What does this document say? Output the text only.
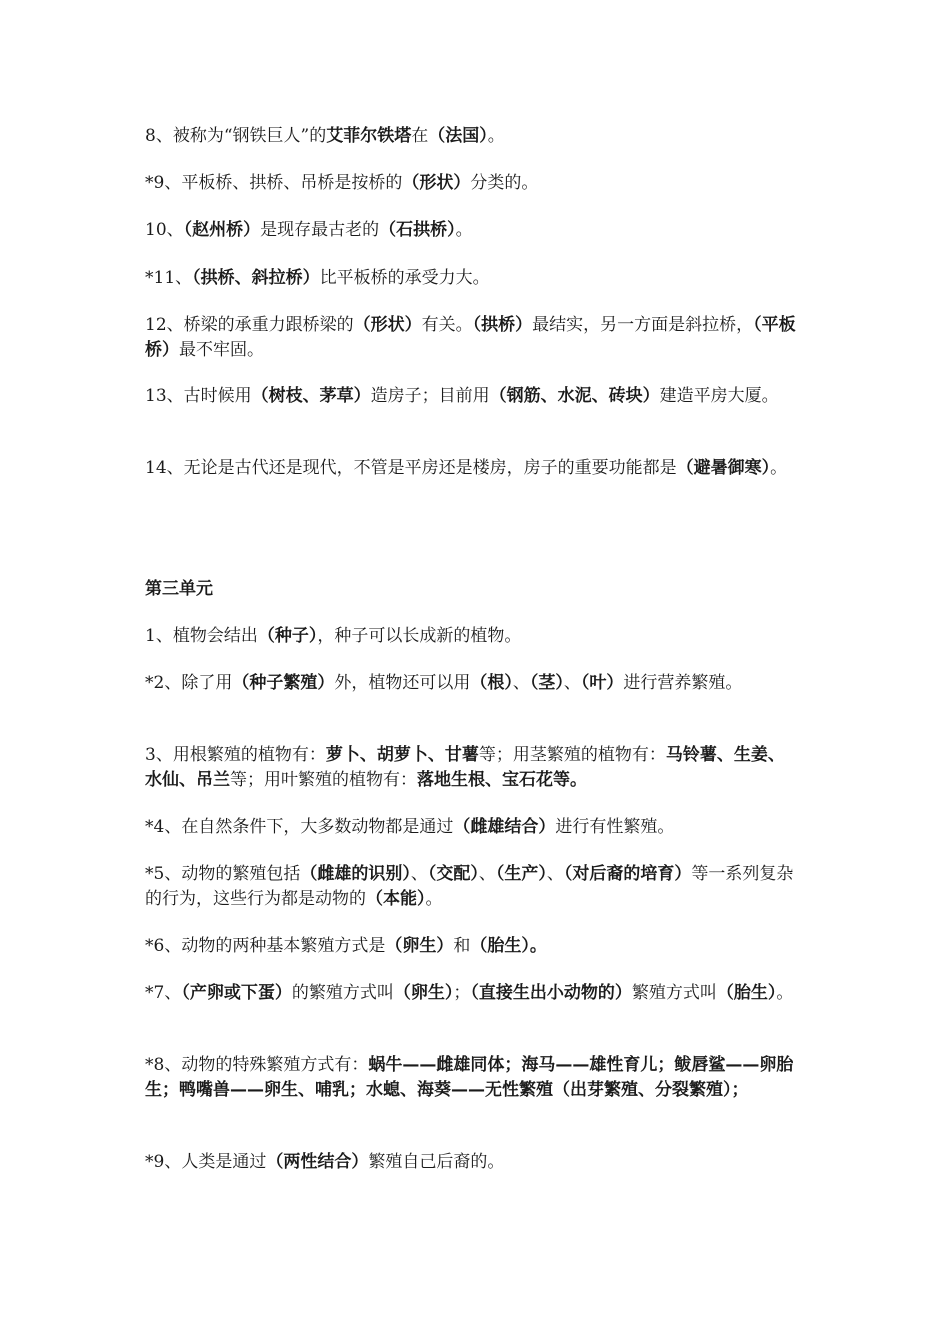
8、被称为“钢铁巨人”的艾菲尔铁塔在（法国）。

*9、平板桥、拱桥、吊桥是按桥的（形状）分类的。

10、（赵州桥）是现存最古老的（石拱桥）。

*11、（拱桥、斜拉桥）比平板桥的承受力大。

12、桥梁的承重力跟桥梁的（形状）有关。（拱桥）最结实，另一方面是斜拉桥，（平板桥）最不牢固。

13、古时候用（树枝、茅草）造房子；目前用（钢筋、水泥、砖块）建造平房大厦。

14、无论是古代还是现代，不管是平房还是楼房，房子的重要功能都是（避暑御寒）。

第三单元

1、植物会结出（种子），种子可以长成新的植物。

*2、除了用（种子繁殖）外，植物还可以用（根）、（茎）、（叶）进行营养繁殖。

3、用根繁殖的植物有：萝卜、胡萝卜、甘薯等；用茎繁殖的植物有：马铃薯、生姜、水仙、吊兰等；用叶繁殖的植物有：落地生根、宝石花等。

*4、在自然条件下，大多数动物都是通过（雌雄结合）进行有性繁殖。

*5、动物的繁殖包括（雌雄的识别）、（交配）、（生产）、（对后裔的培育）等一系列复杂的行为，这些行为都是动物的（本能）。

*6、动物的两种基本繁殖方式是（卵生）和（胎生）。

*7、（产卵或下蛋）的繁殖方式叫（卵生）；（直接生出小动物的）繁殖方式叫（胎生）。

*8、动物的特殊繁殖方式有：蜗牛——雌雄同体；海马——雄性育儿；鲅唇鲨——卵胎生；鸭嘴兽——卵生、哺乳；水螅、海葵——无性繁殖（出芽繁殖、分裂繁殖）；

*9、人类是通过（两性结合）繁殖自己后裔的。
